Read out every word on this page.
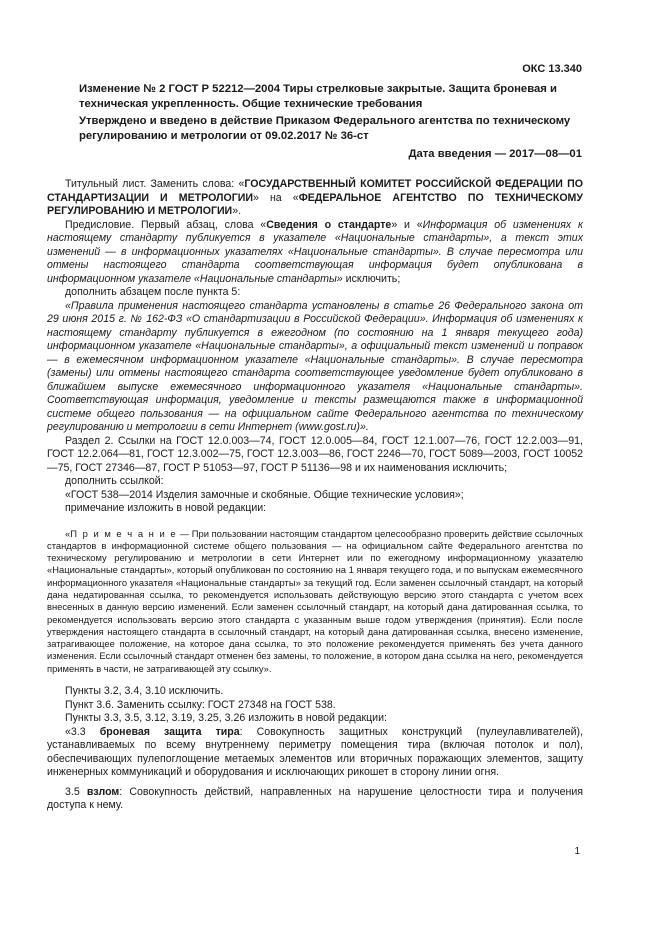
ОКС 13.340
Изменение № 2 ГОСТ Р 52212—2004 Тиры стрелковые закрытые. Защита броневая и техническая укрепленность. Общие технические требования
Утверждено и введено в действие Приказом Федерального агентства по техническому регулированию и метрологии от 09.02.2017 № 36-ст
Дата введения — 2017—08—01

Титульный лист. Заменить слова: «ГОСУДАРСТВЕННЫЙ КОМИТЕТ РОССИЙСКОЙ ФЕДЕРАЦИИ ПО СТАНДАРТИЗАЦИИ И МЕТРОЛОГИИ» на «ФЕДЕРАЛЬНОЕ АГЕНТСТВО ПО ТЕХНИЧЕСКОМУ РЕГУЛИРОВАНИЮ И МЕТРОЛОГИИ».

Предисловие. Первый абзац, слова «Сведения о стандарте» и «Информация об изменениях к настоящему стандарту публикуется в указателе «Национальные стандарты», а текст этих изменений — в информационных указателях «Национальные стандарты». В случае пересмотра или отмены настоящего стандарта соответствующая информация будет опубликована в информационном указателе «Национальные стандарты» исключить;

дополнить абзацем после пункта 5:

«Правила применения настоящего стандарта установлены в статье 26 Федерального закона от 29 июня 2015 г. № 162-ФЗ «О стандартизации в Российской Федерации». Информация об изменениях к настоящему стандарту публикуется в ежегодном (по состоянию на 1 января текущего года) информационном указателе «Национальные стандарты», а официальный текст изменений и поправок — в ежемесячном информационном указателе «Национальные стандарты». В случае пересмотра (замены) или отмены настоящего стандарта соответствующее уведомление будет опубликовано в ближайшем выпуске ежемесячного информационного указателя «Национальные стандарты». Соответствующая информация, уведомление и тексты размещаются также в информационной системе общего пользования — на официальном сайте Федерального агентства по техническому регулированию и метрологии в сети Интернет (www.gost.ru)».

Раздел 2. Ссылки на ГОСТ 12.0.003—74, ГОСТ 12.0.005—84, ГОСТ 12.1.007—76, ГОСТ 12.2.003—91, ГОСТ 12.2.064—81, ГОСТ 12.3.002—75, ГОСТ 12.3.003—86, ГОСТ 2246—70, ГОСТ 5089—2003, ГОСТ 10052—75, ГОСТ 27346—87, ГОСТ Р 51053—97, ГОСТ Р 51136—98 и их наименования исключить;

дополнить ссылкой:

«ГОСТ 538—2014 Изделия замочные и скобяные. Общие технические условия»;

примечание изложить в новой редакции:

«П р и м е ч а н и е — При пользовании настоящим стандартом целесообразно проверить действие ссылочных стандартов в информационной системе общего пользования — на официальном сайте Федерального агентства по техническому регулированию и метрологии в сети Интернет или по ежегодному информационному указателю «Национальные стандарты», который опубликован по состоянию на 1 января текущего года, и по выпускам ежемесячного информационного указателя «Национальные стандарты» за текущий год. Если заменен ссылочный стандарт, на который дана недатированная ссылка, то рекомендуется использовать действующую версию этого стандарта с учетом всех внесенных в данную версию изменений. Если заменен ссылочный стандарт, на который дана датированная ссылка, то рекомендуется использовать версию этого стандарта с указанным выше годом утверждения (принятия). Если после утверждения настоящего стандарта в ссылочный стандарт, на который дана датированная ссылка, внесено изменение, затрагивающее положение, на которое дана ссылка, то это положение рекомендуется применять без учета данного изменения. Если ссылочный стандарт отменен без замены, то положение, в котором дана ссылка на него, рекомендуется применять в части, не затрагивающей эту ссылку».

Пункты 3.2, 3.4, 3.10 исключить.

Пункт 3.6. Заменить ссылку: ГОСТ 27348 на ГОСТ 538.

Пункты 3.3, 3.5, 3.12, 3.19, 3.25, 3.26 изложить в новой редакции:

«3.3 броневая защита тира: Совокупность защитных конструкций (пулеулавливателей), устанавливаемых по всему внутреннему периметру помещения тира (включая потолок и пол), обеспечивающих пулепоглощение метаемых элементов или вторичных поражающих элементов, защиту инженерных коммуникаций и оборудования и исключающих рикошет в сторону линии огня.

3.5 взлом: Совокупность действий, направленных на нарушение целостности тира и получения доступа к нему.

1
